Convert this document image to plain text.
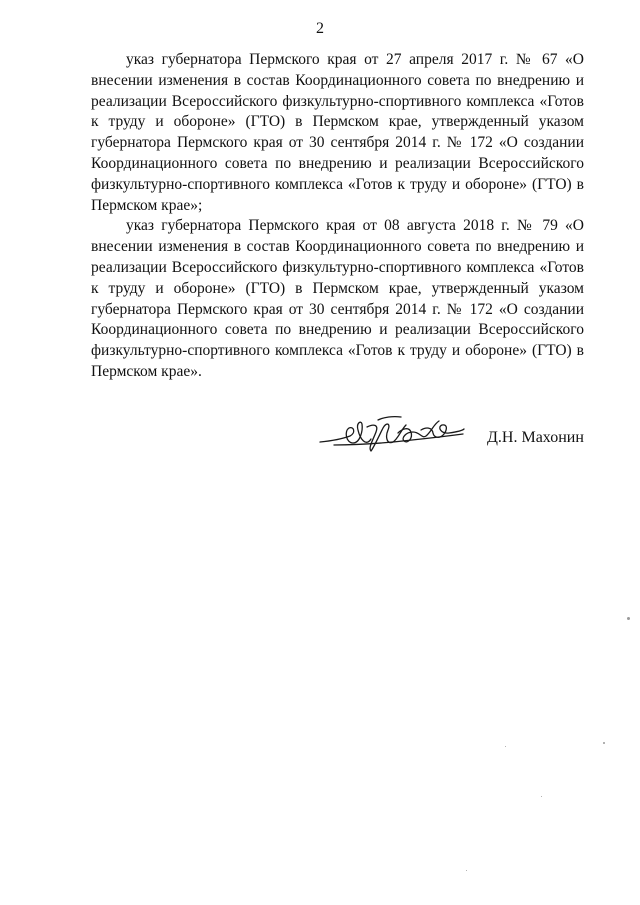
2

указ губернатора Пермского края от 27 апреля 2017 г. № 67 «О внесении изменения в состав Координационного совета по внедрению и реализации Всероссийского физкультурно-спортивного комплекса «Готов к труду и обороне» (ГТО) в Пермском крае, утвержденный указом губернатора Пермского края от 30 сентября 2014 г. № 172 «О создании Координационного совета по внедрению и реализации Всероссийского физкультурно-спортивного комплекса «Готов к труду и обороне» (ГТО) в Пермском крае»;

указ губернатора Пермского края от 08 августа 2018 г. № 79 «О внесении изменения в состав Координационного совета по внедрению и реализации Всероссийского физкультурно-спортивного комплекса «Готов к труду и обороне» (ГТО) в Пермском крае, утвержденный указом губернатора Пермского края от 30 сентября 2014 г. № 172 «О создании Координационного совета по внедрению и реализации Всероссийского физкультурно-спортивного комплекса «Готов к труду и обороне» (ГТО) в Пермском крае».

Д.Н. Махонин
